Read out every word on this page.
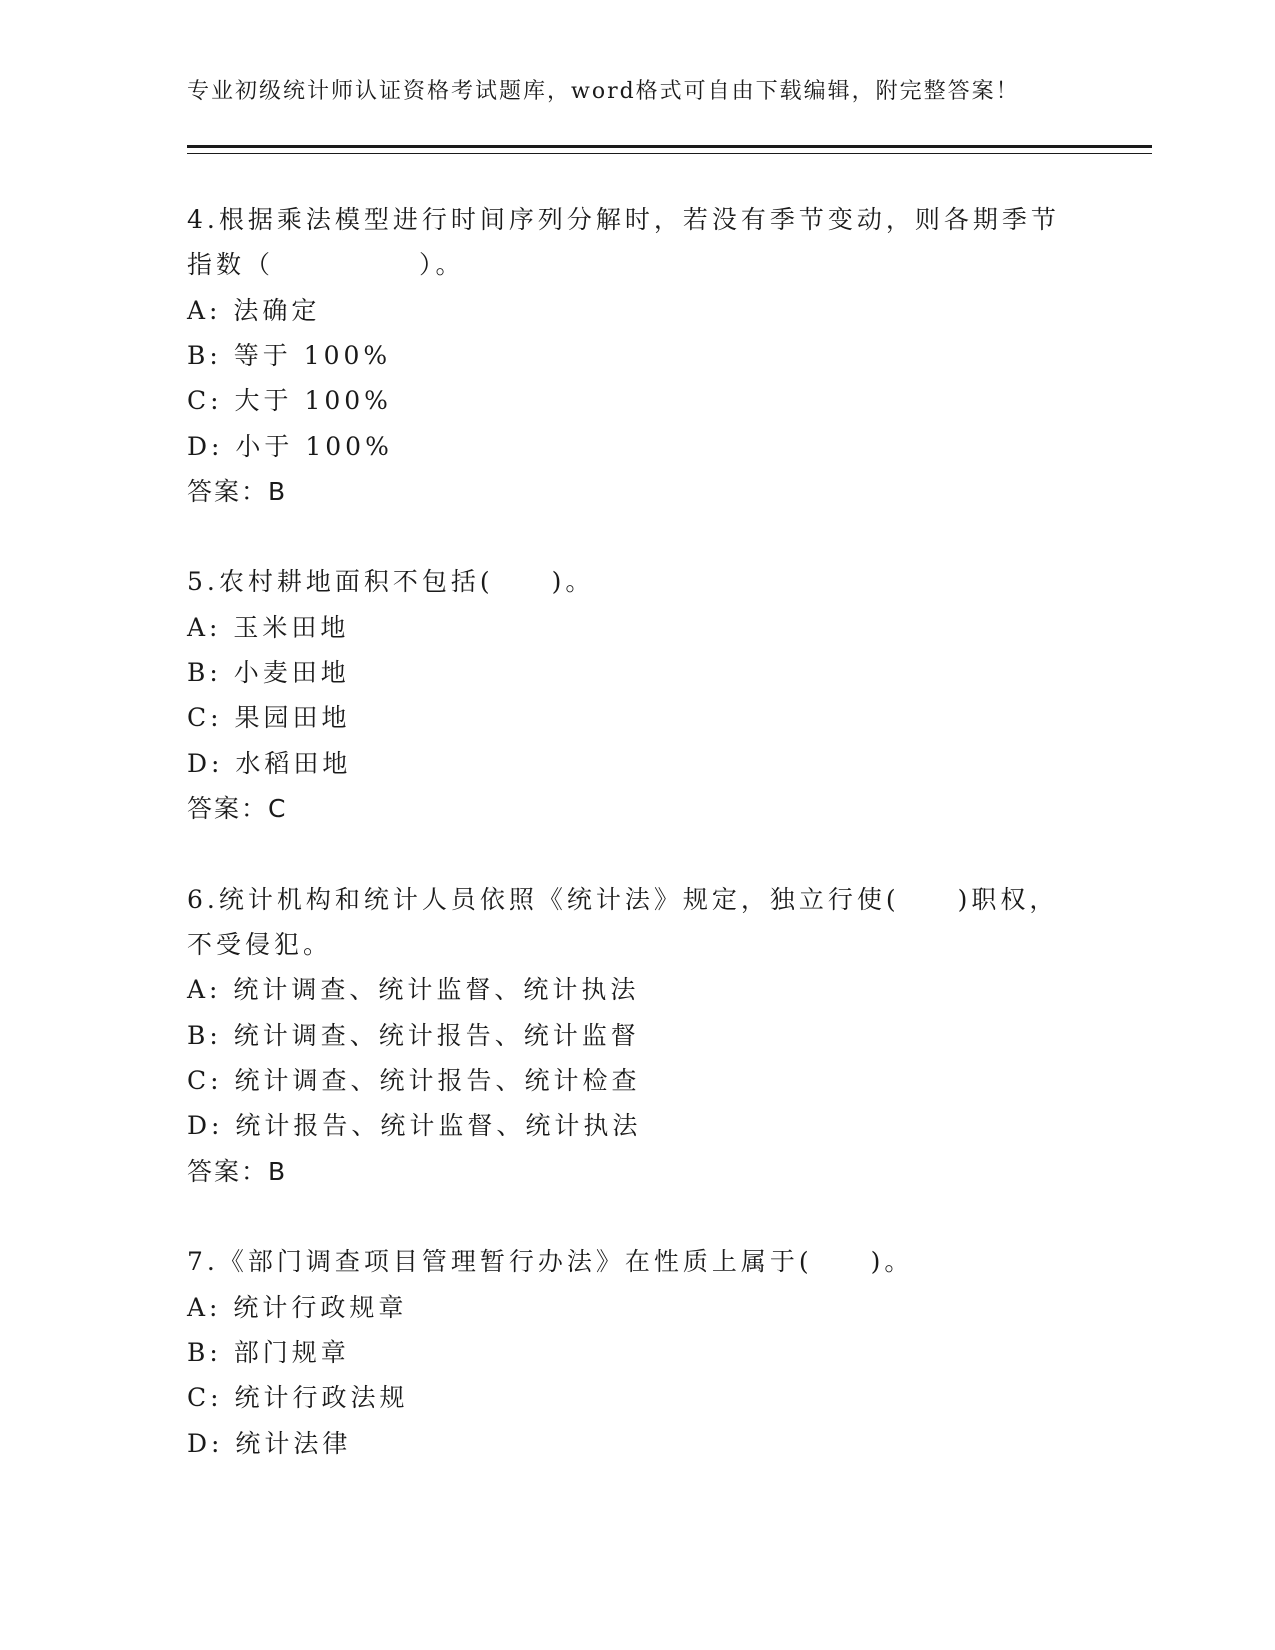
专业初级统计师认证资格考试题库，word格式可自由下载编辑，附完整答案！
4.根据乘法模型进行时间序列分解时，若没有季节变动，则各期季节
指数（　　　　　）。
A: 法确定
B: 等于 100%
C: 大于 100%
D: 小于 100%
答案：B
5.农村耕地面积不包括(　　)。
A: 玉米田地
B: 小麦田地
C: 果园田地
D: 水稻田地
答案：C
6.统计机构和统计人员依照《统计法》规定，独立行使(　　)职权，
不受侵犯。
A: 统计调查、统计监督、统计执法
B: 统计调查、统计报告、统计监督
C: 统计调查、统计报告、统计检查
D: 统计报告、统计监督、统计执法
答案：B
7.《部门调查项目管理暂行办法》在性质上属于(　　)。
A: 统计行政规章
B: 部门规章
C: 统计行政法规
D: 统计法律
